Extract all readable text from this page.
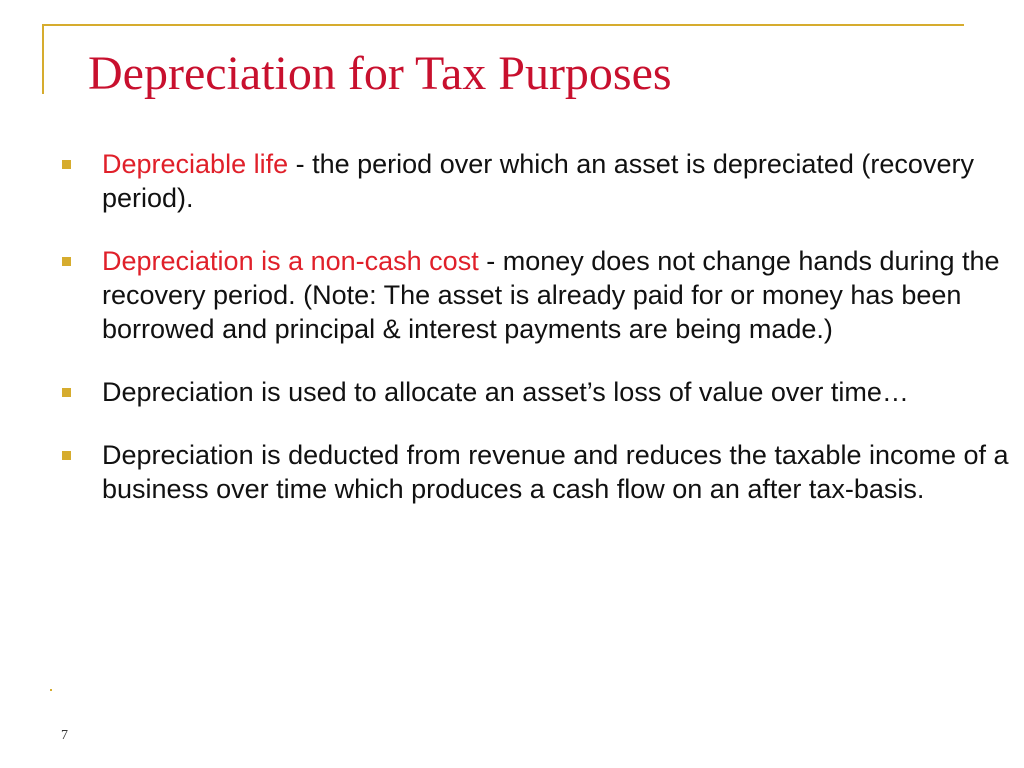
Depreciation for Tax Purposes
Depreciable life - the period over which an asset is depreciated (recovery period).
Depreciation is a non-cash cost - money does not change hands during the recovery period. (Note: The asset is already paid for or money has been borrowed and principal & interest payments are being made.)
Depreciation is used to allocate an asset’s loss of value over time…
Depreciation is deducted from revenue and reduces the taxable income of a business over time which produces a cash flow on an after tax-basis.
7
